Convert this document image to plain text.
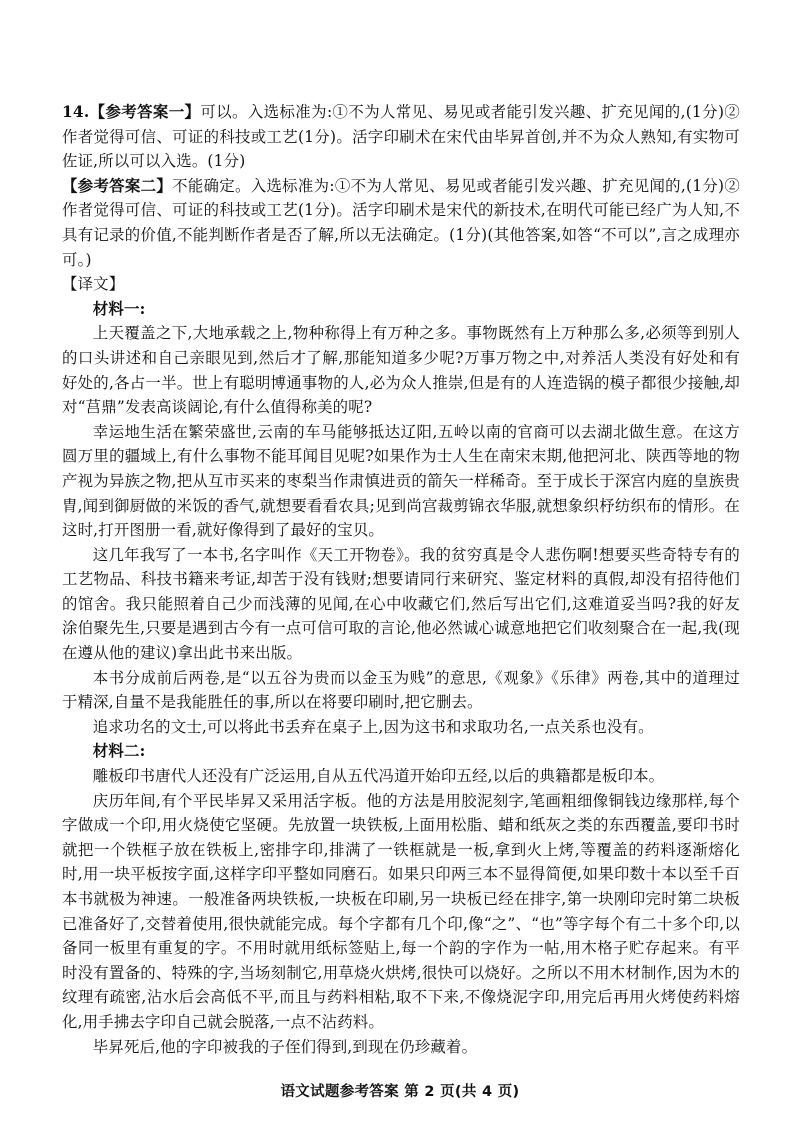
14.【参考答案一】可以。入选标准为:①不为人常见、易见或者能引发兴趣、扩充见闻的,(1分)②作者觉得可信、可证的科技或工艺(1分)。活字印刷术在宋代由毕昇首创,并不为众人熟知,有实物可佐证,所以可以入选。(1分)

【参考答案二】不能确定。入选标准为:①不为人常见、易见或者能引发兴趣、扩充见闻的,(1分)②作者觉得可信、可证的科技或工艺(1分)。活字印刷术是宋代的新技术,在明代可能已经广为人知,不具有记录的价值,不能判断作者是否了解,所以无法确定。(1分)(其他答案,如答“不可以”,言之成理亦可。)

【译文】

材料一:

上天覆盖之下,大地承载之上,物种称得上有万种之多。事物既然有上万种那么多,必须等到别人的口头讲述和自己亲眼见到,然后才了解,那能知道多少呢?万事万物之中,对养活人类没有好处和有好处的,各占一半。世上有聪明博通事物的人,必为众人推崇,但是有的人连造锅的模子都很少接触,却对“莒鼎”发表高谈阔论,有什么值得称美的呢?

幸运地生活在繁荣盛世,云南的车马能够抵达辽阳,五岭以南的官商可以去湖北做生意。在这方圆万里的疆域上,有什么事物不能耳闻目见呢?如果作为士人生在南宋末期,他把河北、陕西等地的物产视为异族之物,把从互市买来的枣梨当作肃慎进贡的箭矢一样稀奇。至于成长于深宫内庭的皇族贵胄,闻到御厨做的米饭的香气,就想要看看农具;见到尚宫裁剪锦衣华服,就想象织杼纺织布的情形。在这时,打开图册一看,就好像得到了最好的宝贝。

这几年我写了一本书,名字叫作《天工开物卷》。我的贫穷真是令人悲伤啊!想要买些奇特专有的工艺物品、科技书籍来考证,却苦于没有钱财;想要请同行来研究、鉴定材料的真假,却没有招待他们的馆舍。我只能照着自己少而浅薄的见闻,在心中收藏它们,然后写出它们,这难道妥当吗?我的好友涂伯聚先生,只要是遇到古今有一点可信可取的言论,他必然诚心诚意地把它们收刻聚合在一起,我(现在遵从他的建议)拿出此书来出版。

本书分成前后两卷,是“以五谷为贵而以金玉为贱”的意思,《观象》《乐律》两卷,其中的道理过于精深,自量不是我能胜任的事,所以在将要印刷时,把它删去。

追求功名的文士,可以将此书丢弃在桌子上,因为这书和求取功名,一点关系也没有。

材料二:

雕板印书唐代人还没有广泛运用,自从五代冯道开始印五经,以后的典籍都是板印本。

庆历年间,有个平民毕昇又采用活字板。他的方法是用胶泥刻字,笔画粗细像铜钱边缘那样,每个字做成一个印,用火烧使它坚硬。先放置一块铁板,上面用松脂、蜡和纸灰之类的东西覆盖,要印书时就把一个铁框子放在铁板上,密排字印,排满了一铁框就是一板,拿到火上烤,等覆盖的药料逐渐熔化时,用一块平板按字面,这样字印平整如同磨石。如果只印两三本不显得简便,如果印数十本以至千百本书就极为神速。一般准备两块铁板,一块板在印刷,另一块板已经在排字,第一块刚印完时第二块板已准备好了,交替着使用,很快就能完成。每个字都有几个印,像“之”、“也”等字每个有二十多个印,以备同一板里有重复的字。不用时就用纸标签贴上,每一个韵的字作为一帖,用木格子贮存起来。有平时没有置备的、特殊的字,当场刻制它,用草烧火烘烤,很快可以烧好。之所以不用木材制作,因为木的纹理有疏密,沾水后会高低不平,而且与药料相粘,取不下来,不像烧泥字印,用完后再用火烤使药料熔化,用手拂去字印自己就会脱落,一点不沾药料。

毕昇死后,他的字印被我的子侄们得到,到现在仍珍藏着。

语文试题参考答案 第 2 页(共 4 页)
